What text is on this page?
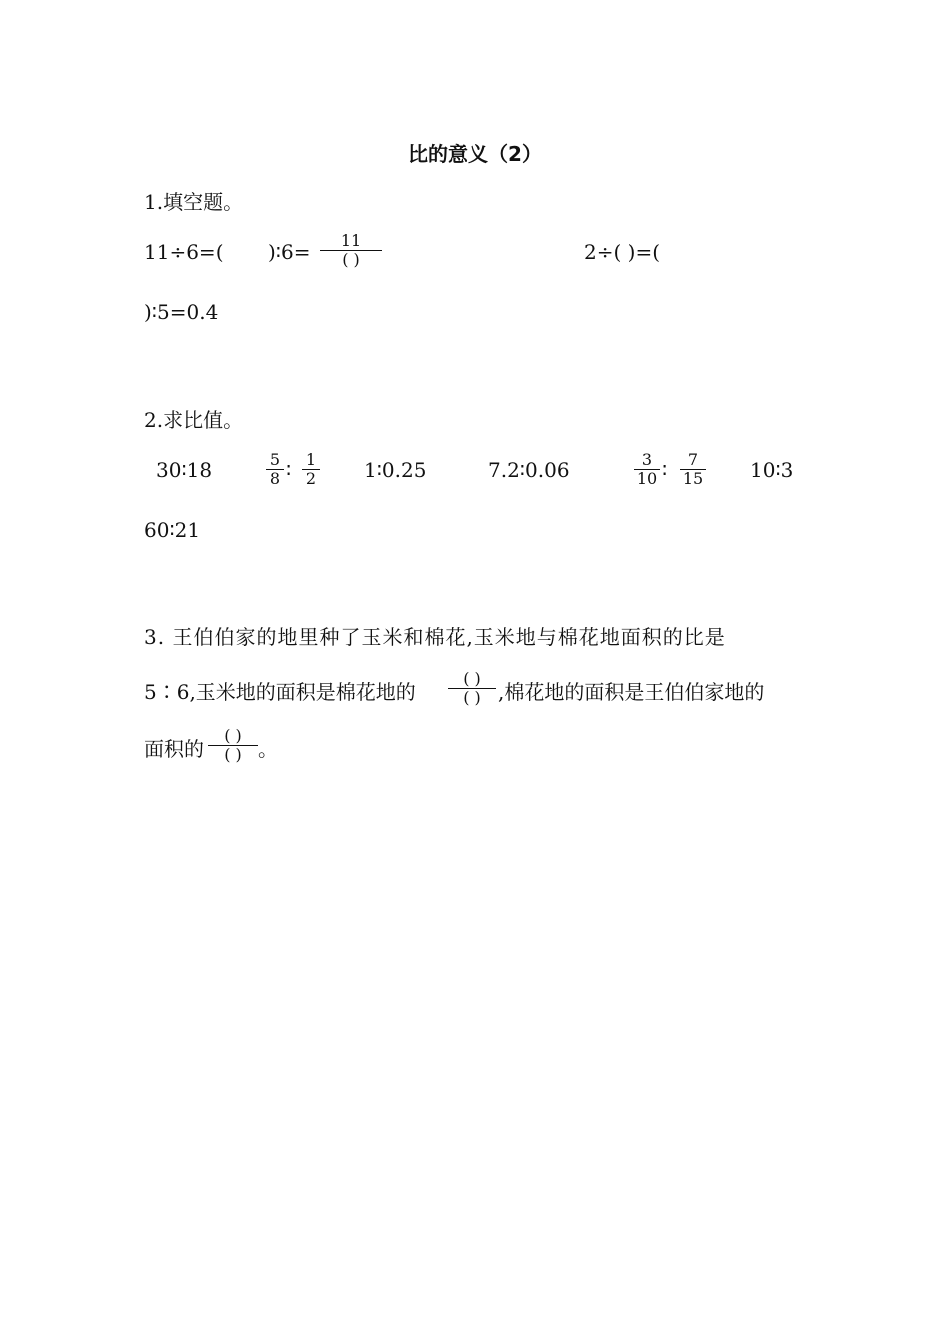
比的意义（2）
1.填空题。
11÷6=( )∶6=	11
( )	2÷( )=(
)∶5=0.4
2.求比值。
30∶18	$\frac{5}{8}$ ∶ $\frac{1}{2}$ 1∶0.25	7.2∶0.06	$\frac{3}{10}$ ∶ $\frac{7}{15}$ 10∶3
60∶21
3. 王伯伯家的地里种了玉米和棉花,玉米地与棉花地面积的比是
5∶6,玉米地的面积是棉花地的
( )
( ) ,棉花地的面积是王伯伯家地的
面积的
( )
( ) 。
